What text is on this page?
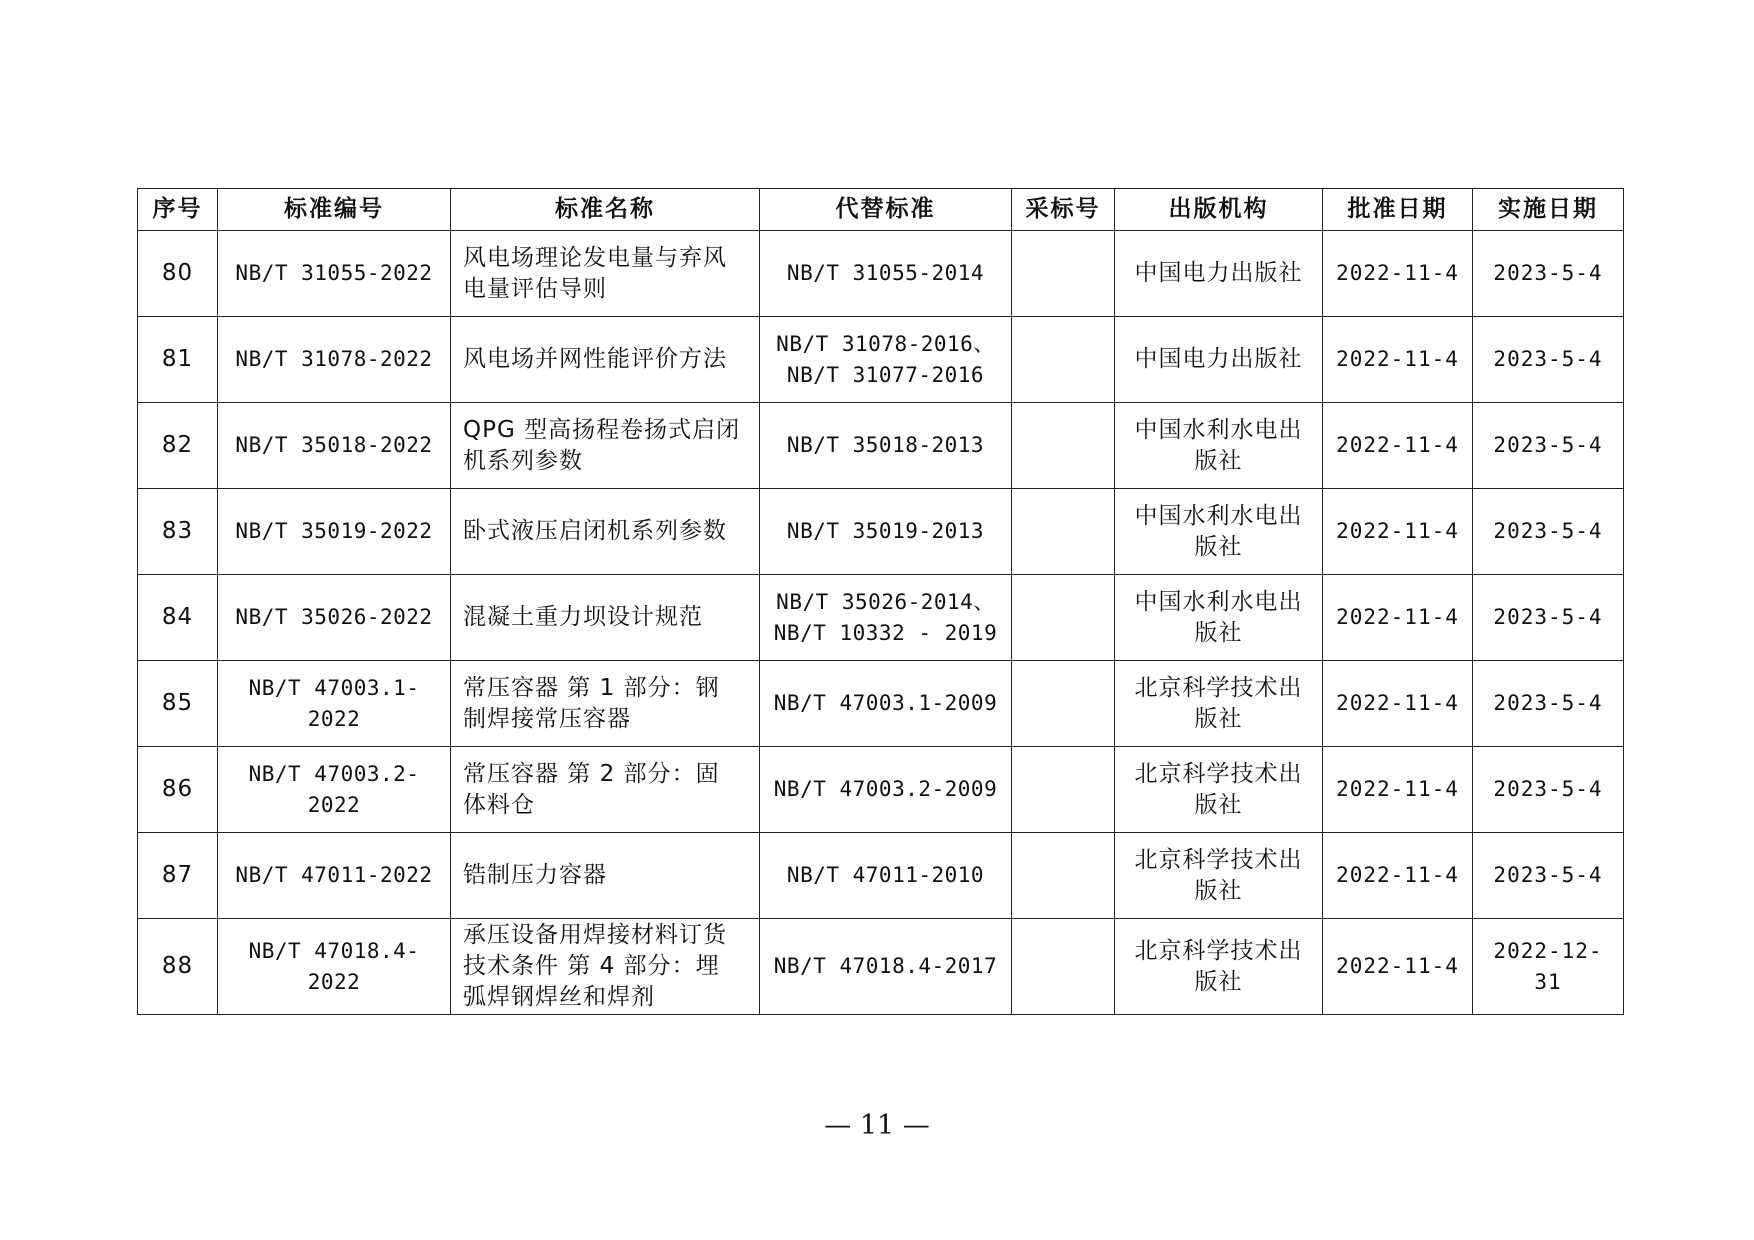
序号	标准编号	标准名称	代替标准	采标号	出版机构	批准日期	实施日期
80	NB/T 31055-2022	风电场理论发电量与弃风
电量评估导则	NB/T 31055-2014		中国电力出版社	2022-11-4	2023-5-4
81	NB/T 31078-2022	风电场并网性能评价方法	NB/T 31078-2016、
NB/T 31077-2016		中国电力出版社	2022-11-4	2023-5-4
82	NB/T 35018-2022	QPG 型高扬程卷扬式启闭
机系列参数	NB/T 35018-2013		中国水利水电出
版社	2022-11-4	2023-5-4
83	NB/T 35019-2022	卧式液压启闭机系列参数	NB/T 35019-2013		中国水利水电出
版社	2022-11-4	2023-5-4
84	NB/T 35026-2022	混凝土重力坝设计规范	NB/T 35026-2014、
NB/T 10332 - 2019		中国水利水电出
版社	2022-11-4	2023-5-4
85	NB/T 47003.1-
2022	常压容器 第 1 部分：钢
制焊接常压容器	NB/T 47003.1-2009		北京科学技术出
版社	2022-11-4	2023-5-4
86	NB/T 47003.2-
2022	常压容器 第 2 部分：固
体料仓	NB/T 47003.2-2009		北京科学技术出
版社	2022-11-4	2023-5-4
87	NB/T 47011-2022	锆制压力容器	NB/T 47011-2010		北京科学技术出
版社	2022-11-4	2023-5-4
88	NB/T 47018.4-
2022	承压设备用焊接材料订货
技术条件 第 4 部分：埋
弧焊钢焊丝和焊剂	NB/T 47018.4-2017		北京科学技术出
版社	2022-11-4	2022-12-31
— 11 —
